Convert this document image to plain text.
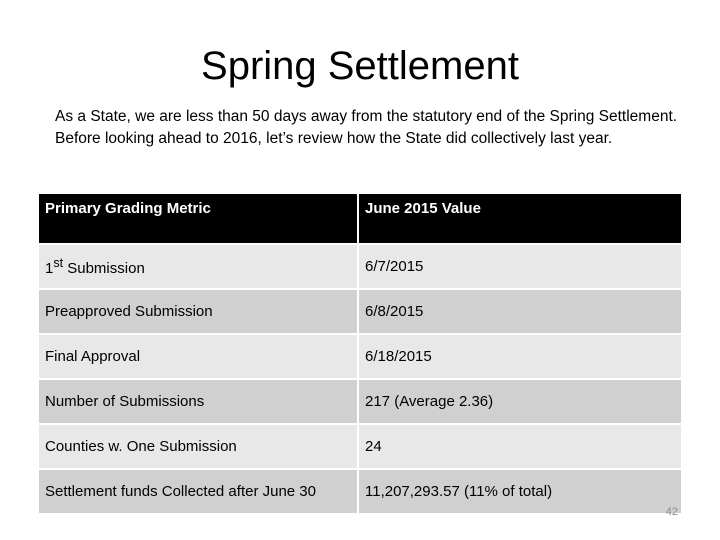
Spring Settlement
As a State, we are less than 50 days away from the statutory end of the Spring Settlement. Before looking ahead to 2016, let’s review how the State did collectively last year.
Primary Grading Metric	June 2015 Value
1st Submission	6/7/2015
Preapproved Submission	6/8/2015
Final Approval	6/18/2015
Number of Submissions	217 (Average 2.36)
Counties w. One Submission	24
Settlement funds Collected after June 30	11,207,293.57 (11% of total)
42
